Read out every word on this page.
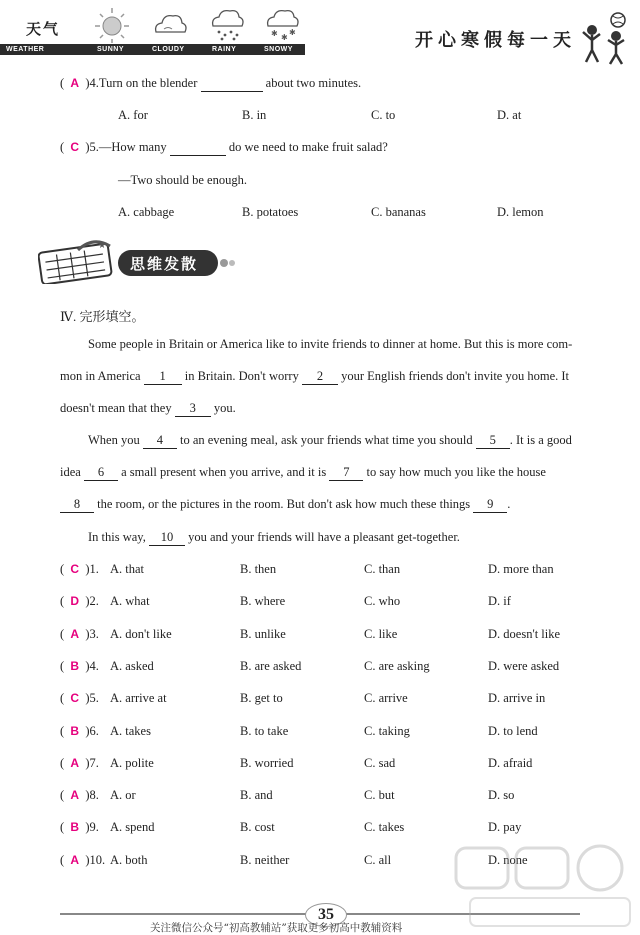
天气	✱ ✱
✱
WEATHER	SUNNY	CLOUDY	RAINY	SNOWY	开心寒假每一天
(  A )4.Turn on the blender	about two minutes.
A. for	B. in	C. to	D. at
(  C )5.—How many	do we need to make fruit salad?
—Two should be enough.
A. cabbage	B. potatoes	C. bananas	D. lemon
★
思维发散
Ⅳ. 完形填空。
Some people in Britain or America like to invite friends to dinner at home. But this is more com-
mon in America 1 in Britain. Don't worry 2 your English friends don't invite you home. It
doesn't mean that they 3 you.
When you 4 to an evening meal, ask your friends what time you should 5 . It is a good
idea 6 a small present when you arrive, and it is 7 to say how much you like the house
8 the room, or the pictures in the room. But don't ask how much these things 9 .
In this way, 10 you and your friends will have a pleasant get-together.
(  C )1. A. that	B. then	C. than	D. more than
(  D )2. A. what	B. where	C. who	D. if
(  A )3. A. don't like	B. unlike	C. like	D. doesn't like
(  B )4. A. asked	B. are asked	C. are asking	D. were asked
(  C )5. A. arrive at	B. get to	C. arrive	D. arrive in
(  B )6. A. takes	B. to take	C. taking	D. to lend
(  A )7. A. polite	B. worried	C. sad	D. afraid
(  A )8. A. or	B. and	C. but	D. so
(  B )9. A. spend	B. cost	C. takes	D. pay
(  A )10. A. both	B. neither	C. all	D. none
35
关注微信公众号“初高教辅站”获取更多初高中教辅资料
